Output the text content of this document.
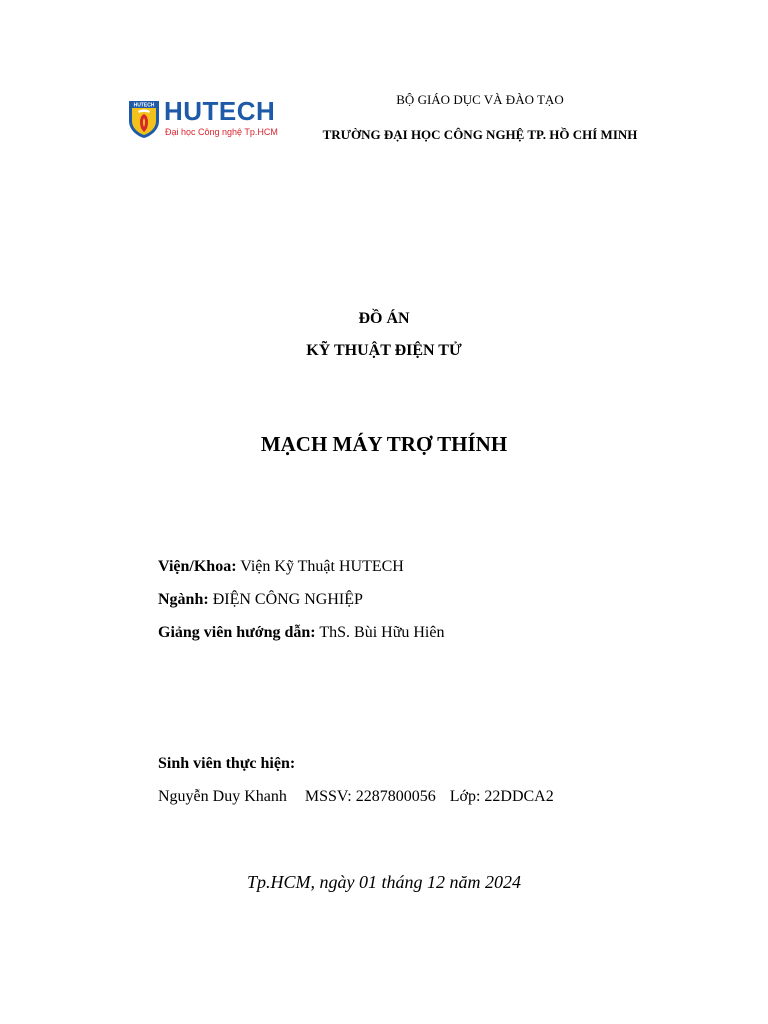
HUTECH HUTECH
Đại học Công nghệ Tp.HCM
BỘ GIÁO DỤC VÀ ĐÀO TẠO
TRƯỜNG ĐẠI HỌC CÔNG NGHỆ TP. HỒ CHÍ MINH
ĐỒ ÁN
KỸ THUẬT ĐIỆN TỬ
MẠCH MÁY TRỢ THÍNH
Viện/Khoa: Viện Kỹ Thuật HUTECH
Ngành: ĐIỆN CÔNG NGHIỆP
Giảng viên hướng dẫn: ThS. Bùi Hữu Hiên
Sinh viên thực hiện:
Nguyễn Duy Khanh MSSV: 2287800056 Lớp: 22DDCA2
Tp.HCM, ngày 01 tháng 12 năm 2024
